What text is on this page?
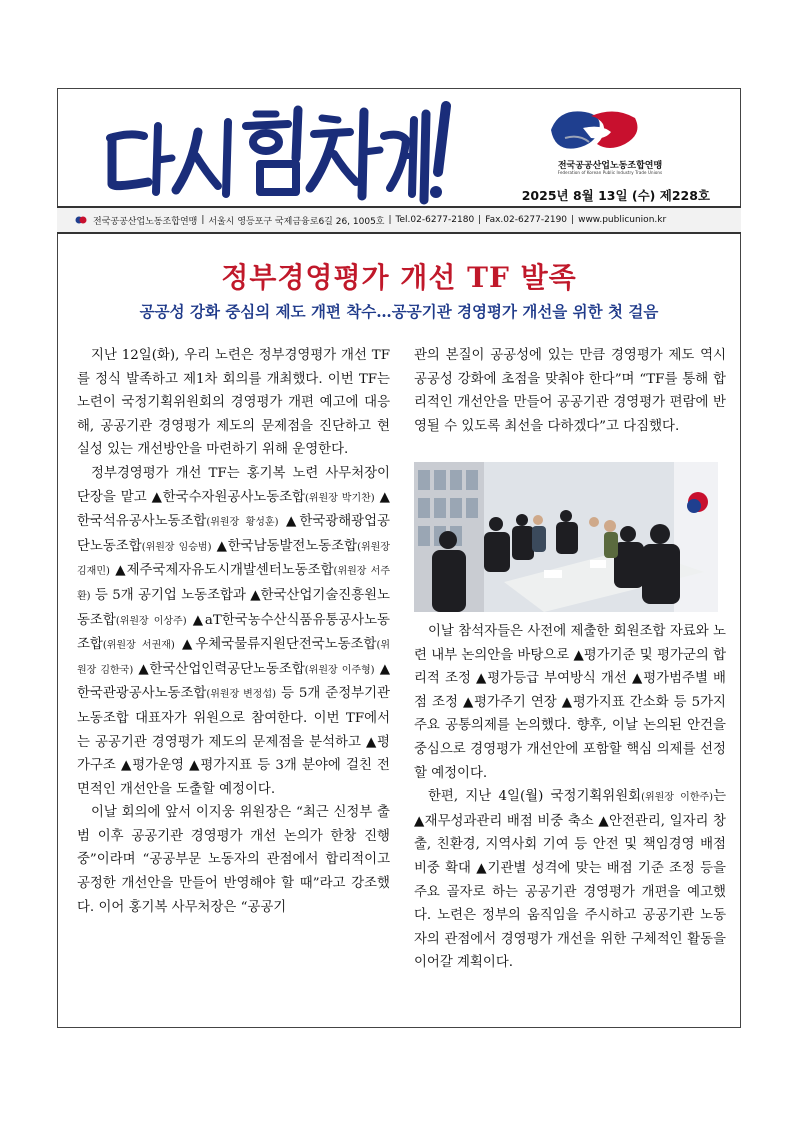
전국공공산업노동조합연맹
Federation of Korean Public Industry Trade Unions
2025년 8월 13일 (수) 제228호
전국공공산업노동조합연맹 | 서울시 영등포구 국제금융로6길 26, 1005호 | Tel.02-6277-2180 | Fax.02-6277-2190 | www.publicunion.kr
정부경영평가 개선 TF 발족
공공성 강화 중심의 제도 개편 착수…공공기관 경영평가 개선을 위한 첫 걸음

지난 12일(화), 우리 노련은 정부경영평가 개선 TF를 정식 발족하고 제1차 회의를 개최했다. 이번 TF는 노련이 국정기획위원회의 경영평가 개편 예고에 대응해, 공공기관 경영평가 제도의 문제점을 진단하고 현실성 있는 개선방안을 마련하기 위해 운영한다.

정부경영평가 개선 TF는 홍기복 노련 사무처장이 단장을 맡고 ▲한국수자원공사노동조합(위원장 박기찬) ▲한국석유공사노동조합(위원장 황성훈) ▲한국광해광업공단노동조합(위원장 임승범) ▲한국남동발전노동조합(위원장 김재민) ▲제주국제자유도시개발센터노동조합(위원장 서주환) 등 5개 공기업 노동조합과 ▲한국산업기술진흥원노동조합(위원장 이상주) ▲aT한국농수산식품유통공사노동조합(위원장 서권재) ▲우체국물류지원단전국노동조합(위원장 김한국) ▲한국산업인력공단노동조합(위원장 이주형) ▲한국관광공사노동조합(위원장 변정섭) 등 5개 준정부기관 노동조합 대표자가 위원으로 참여한다. 이번 TF에서는 공공기관 경영평가 제도의 문제점을 분석하고 ▲평가구조 ▲평가운영 ▲평가지표 등 3개 분야에 걸친 전면적인 개선안을 도출할 예정이다.

이날 회의에 앞서 이지웅 위원장은 “최근 신정부 출범 이후 공공기관 경영평가 개선 논의가 한창 진행 중”이라며 “공공부문 노동자의 관점에서 합리적이고 공정한 개선안을 만들어 반영해야 할 때”라고 강조했다. 이어 홍기복 사무처장은 “공공기

관의 본질이 공공성에 있는 만큼 경영평가 제도 역시 공공성 강화에 초점을 맞춰야 한다”며 “TF를 통해 합리적인 개선안을 만들어 공공기관 경영평가 편람에 반영될 수 있도록 최선을 다하겠다”고 다짐했다.

이날 참석자들은 사전에 제출한 회원조합 자료와 노련 내부 논의안을 바탕으로 ▲평가기준 및 평가군의 합리적 조정 ▲평가등급 부여방식 개선 ▲평가범주별 배점 조정 ▲평가주기 연장 ▲평가지표 간소화 등 5가지 주요 공통의제를 논의했다. 향후, 이날 논의된 안건을 중심으로 경영평가 개선안에 포함할 핵심 의제를 선정할 예정이다.

한편, 지난 4일(월) 국정기획위원회(위원장 이한주)는 ▲재무성과관리 배점 비중 축소 ▲안전관리, 일자리 창출, 친환경, 지역사회 기여 등 안전 및 책임경영 배점 비중 확대 ▲기관별 성격에 맞는 배점 기준 조정 등을 주요 골자로 하는 공공기관 경영평가 개편을 예고했다. 노련은 정부의 움직임을 주시하고 공공기관 노동자의 관점에서 경영평가 개선을 위한 구체적인 활동을 이어갈 계획이다.
